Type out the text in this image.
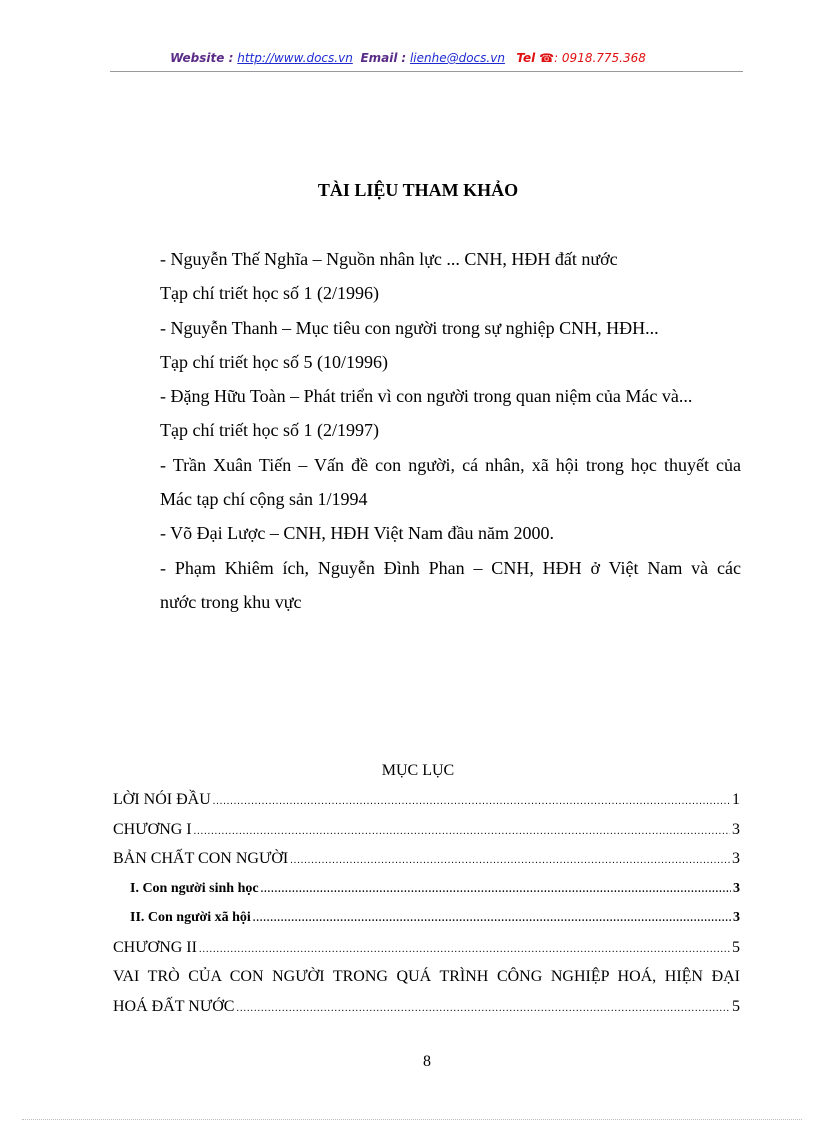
Website : http://www.docs.vn Email : lienhe@docs.vn Tel ☎: 0918.775.368
TÀI LIỆU THAM KHẢO
- Nguyễn Thế Nghĩa – Nguồn nhân lực ... CNH, HĐH đất nước
Tạp chí triết học số 1 (2/1996)
- Nguyễn Thanh – Mục tiêu con người trong sự nghiệp CNH, HĐH...
Tạp chí triết học số 5 (10/1996)
- Đặng Hữu Toàn – Phát triển vì con người trong quan niệm của Mác và...
Tạp chí triết học số 1 (2/1997)
- Trần Xuân Tiến – Vấn đề con người, cá nhân, xã hội trong học thuyết của
Mác tạp chí cộng sản 1/1994
- Võ Đại Lược – CNH, HĐH Việt Nam đầu năm 2000.
- Phạm Khiêm ích, Nguyễn Đình Phan – CNH, HĐH ở Việt Nam và các
nước trong khu vực
MỤC LỤC
LỜI NÓI ĐẦU .....	1
CHƯƠNG I .....	3
BẢN CHẤT CON NGƯỜI .....	3
I. Con người sinh học .....	3
II. Con người xã hội .....	3
CHƯƠNG II .....	5
VAI TRÒ CỦA CON NGƯỜI TRONG QUÁ TRÌNH CÔNG NGHIỆP HOÁ, HIỆN ĐẠI
HOÁ ĐẤT NƯỚC .....	5
8
